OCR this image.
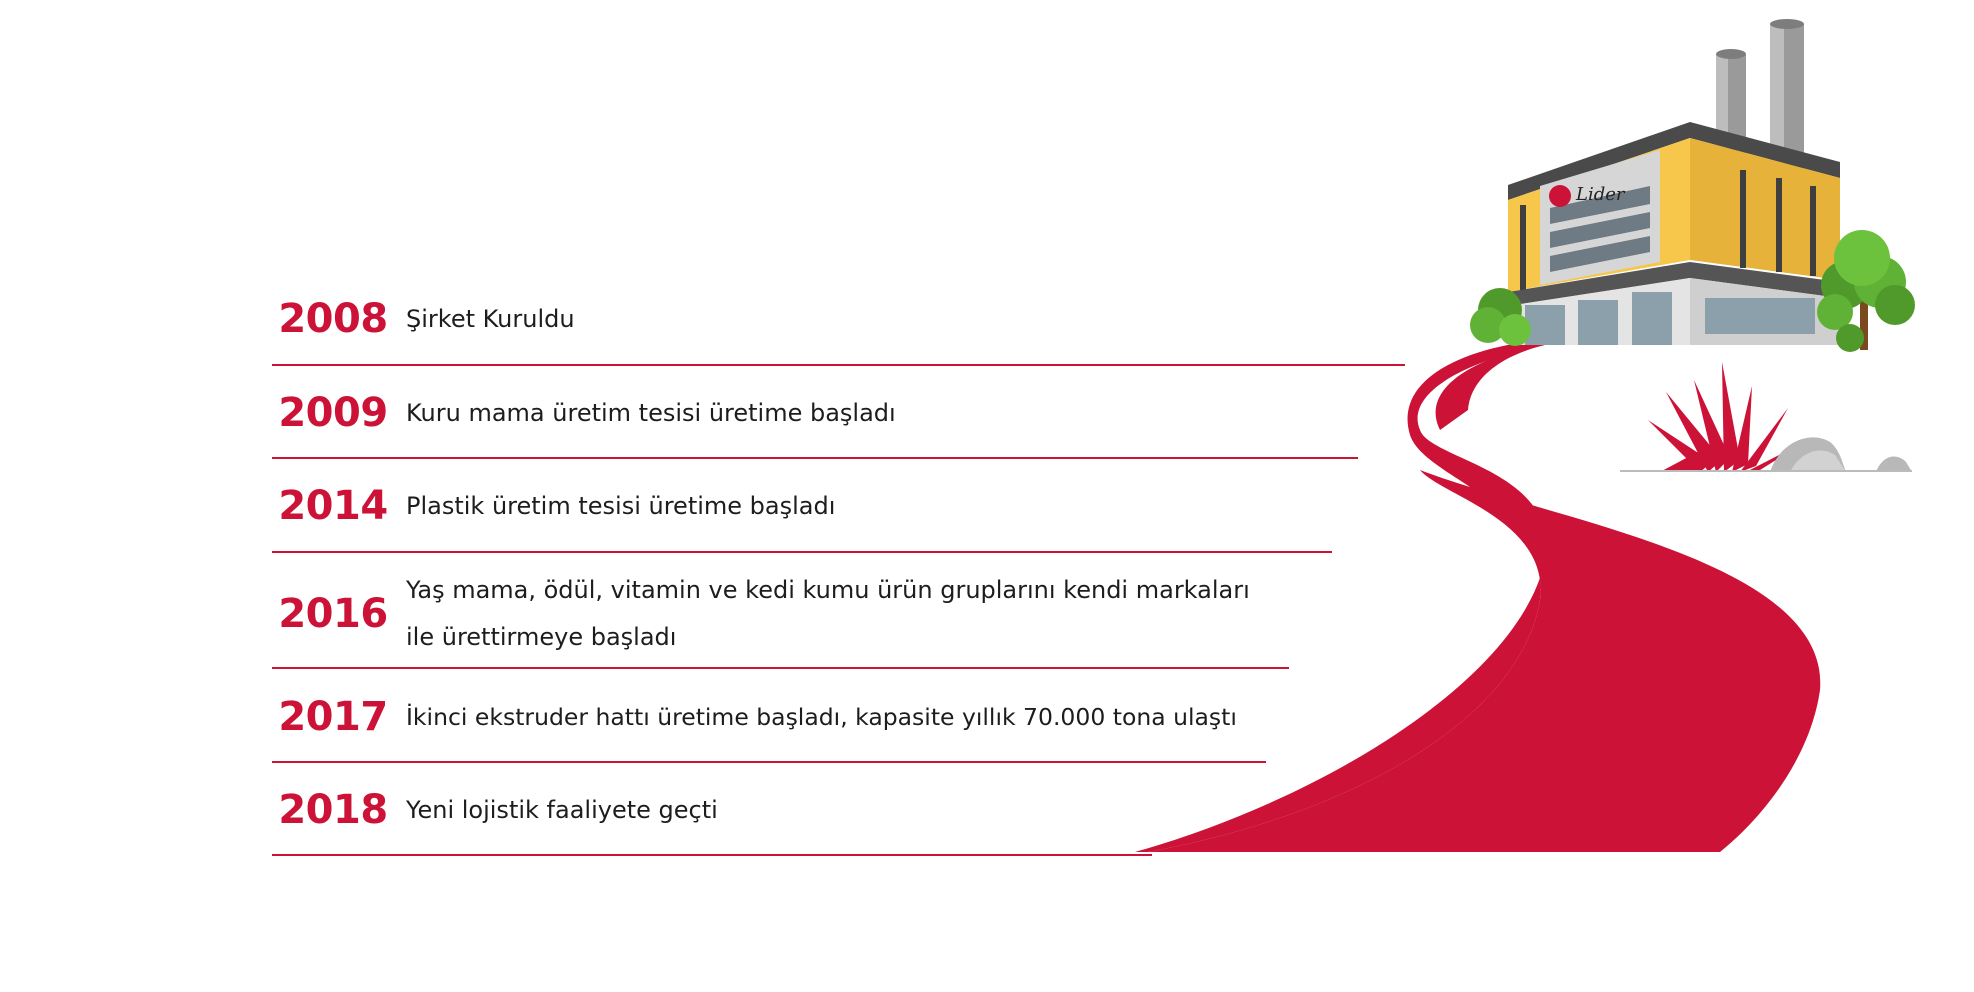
Lider
2008 Şirket Kuruldu
2009 Kuru mama üretim tesisi üretime başladı
2014 Plastik üretim tesisi üretime başladı
2016
Yaş mama, ödül, vitamin ve kedi kumu ürün gruplarını kendi markaları
ile ürettirmeye başladı
2017 İkinci ekstruder hattı üretime başladı, kapasite yıllık 70.000 tona ulaştı
2018 Yeni lojistik faaliyete geçti
